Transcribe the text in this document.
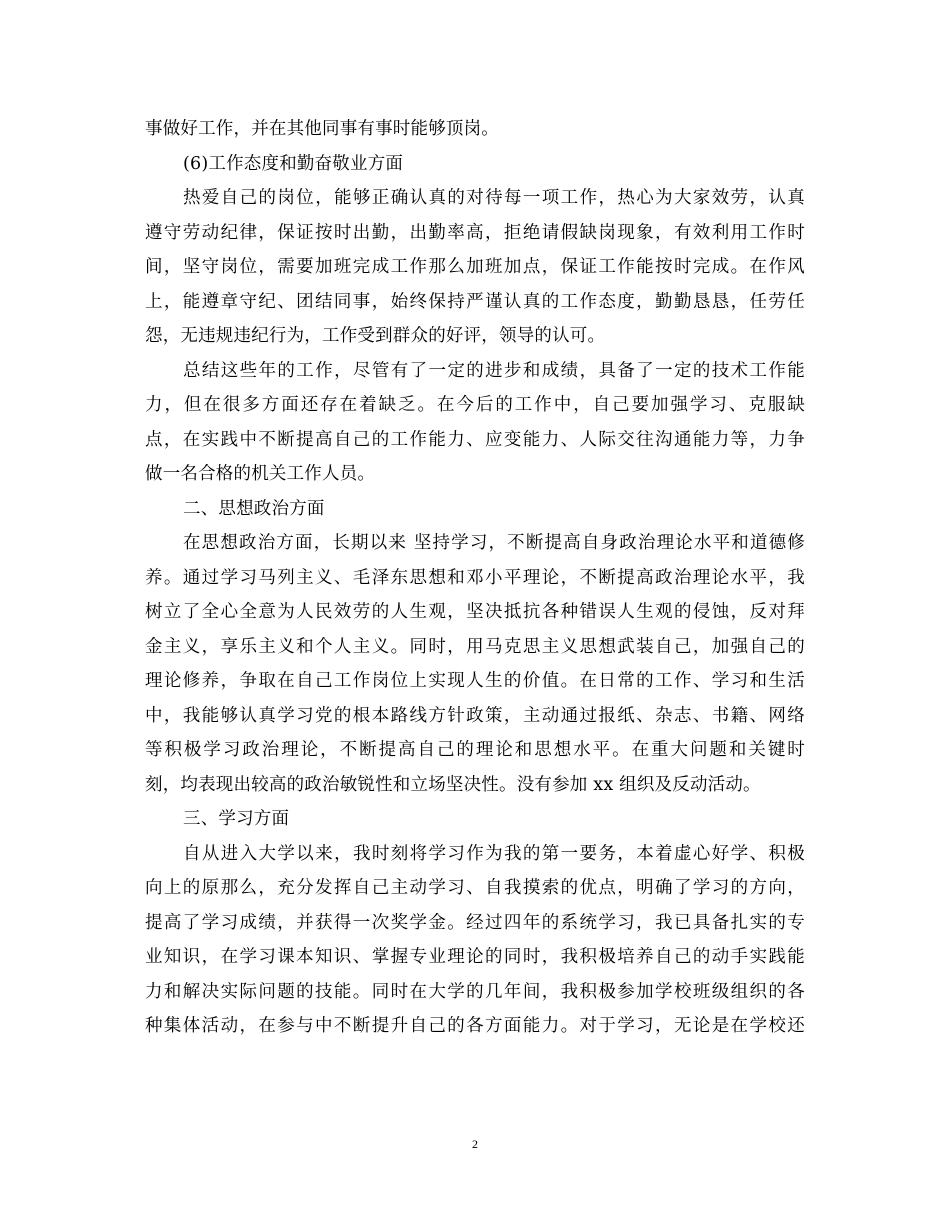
事做好工作，并在其他同事有事时能够顶岗。
(6)工作态度和勤奋敬业方面
热爱自己的岗位，能够正确认真的对待每一项工作，热心为大家效劳，认真
遵守劳动纪律，保证按时出勤，出勤率高，拒绝请假缺岗现象，有效利用工作时
间，坚守岗位，需要加班完成工作那么加班加点，保证工作能按时完成。在作风
上，能遵章守纪、团结同事，始终保持严谨认真的工作态度，勤勤恳恳，任劳任
怨，无违规违纪行为，工作受到群众的好评，领导的认可。
总结这些年的工作，尽管有了一定的进步和成绩，具备了一定的技术工作能
力，但在很多方面还存在着缺乏。在今后的工作中，自己要加强学习、克服缺
点，在实践中不断提高自己的工作能力、应变能力、人际交往沟通能力等，力争
做一名合格的机关工作人员。
二、思想政治方面
在思想政治方面，长期以来 坚持学习，不断提高自身政治理论水平和道德修
养。通过学习马列主义、毛泽东思想和邓小平理论，不断提高政治理论水平，我
树立了全心全意为人民效劳的人生观，坚决抵抗各种错误人生观的侵蚀，反对拜
金主义，享乐主义和个人主义。同时，用马克思主义思想武装自己，加强自己的
理论修养，争取在自己工作岗位上实现人生的价值。在日常的工作、学习和生活
中，我能够认真学习党的根本路线方针政策，主动通过报纸、杂志、书籍、网络
等积极学习政治理论，不断提高自己的理论和思想水平。在重大问题和关键时
刻，均表现出较高的政治敏锐性和立场坚决性。没有参加 xx 组织及反动活动。
三、学习方面
自从进入大学以来，我时刻将学习作为我的第一要务，本着虚心好学、积极
向上的原那么，充分发挥自己主动学习、自我摸索的优点，明确了学习的方向，
提高了学习成绩，并获得一次奖学金。经过四年的系统学习，我已具备扎实的专
业知识，在学习课本知识、掌握专业理论的同时，我积极培养自己的动手实践能
力和解决实际问题的技能。同时在大学的几年间，我积极参加学校班级组织的各
种集体活动，在参与中不断提升自己的各方面能力。对于学习，无论是在学校还
2
